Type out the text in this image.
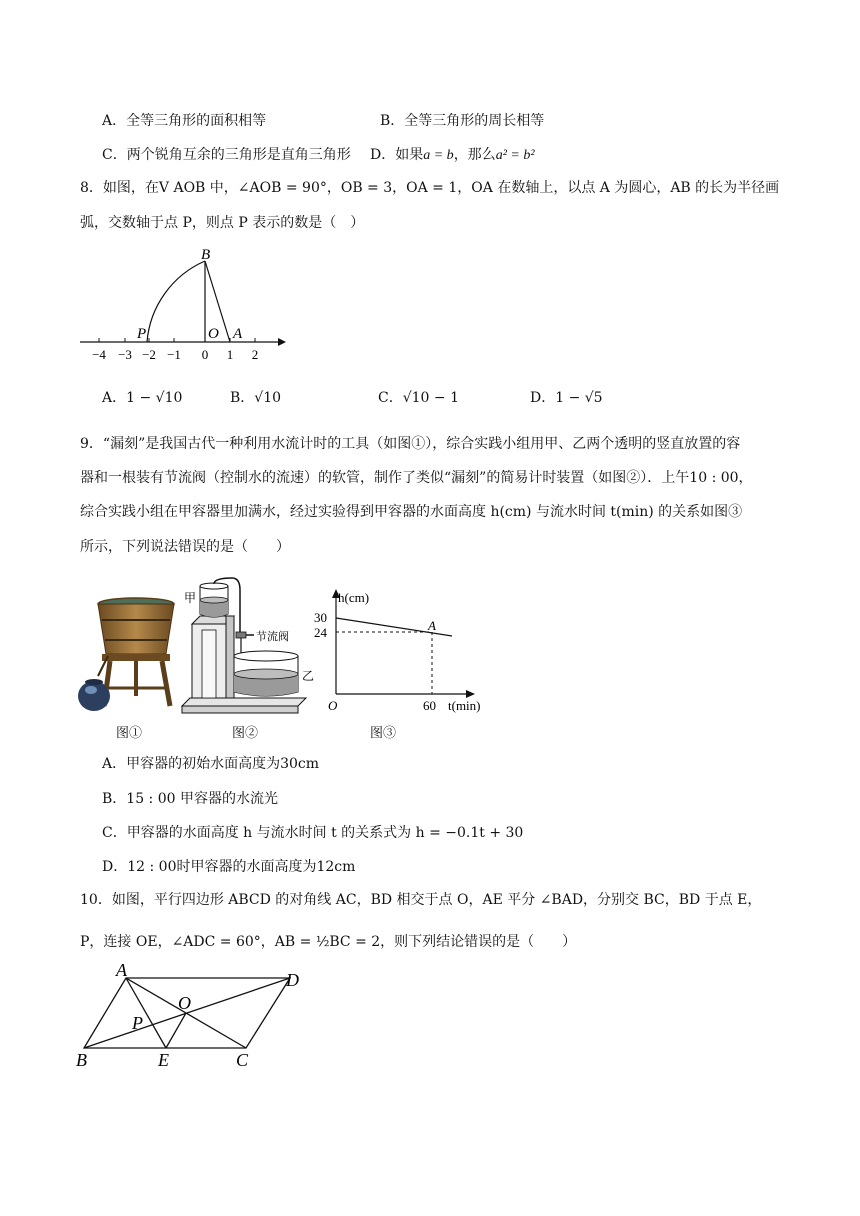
A．全等三角形的面积相等	B．全等三角形的周长相等
C．两个锐角互余的三角形是直角三角形 D．如果a = b，那么a² = b²
8．如图，在V AOB 中，∠AOB = 90°，OB = 3，OA = 1，OA 在数轴上，以点 A 为圆心，AB 的长为半径画
弧，交数轴于点 P，则点 P 表示的数是（　）
B
P	O A
−4 −3 −2 −1 0 1 2
A．1 − √10	B．√10	C．√10 − 1	D．1 − √5
9．“漏刻”是我国古代一种利用水流计时的工具（如图①），综合实践小组用甲、乙两个透明的竖直放置的容
器和一根装有节流阀（控制水的流速）的软管，制作了类似“漏刻”的简易计时装置（如图②）．上午10 : 00，
综合实践小组在甲容器里加满水，经过实验得到甲容器的水面高度 h(cm) 与流水时间 t(min) 的关系如图③
所示，下列说法错误的是（　　）
甲
节流阀
乙
h(cm)
30
24	A
O	60 t(min)
图①	图②	图③
A．甲容器的初始水面高度为30cm
B．15 : 00 甲容器的水流光
C．甲容器的水面高度 h 与流水时间 t 的关系式为 h = −0.1t + 30
D．12 : 00时甲容器的水面高度为12cm
10．如图，平行四边形 ABCD 的对角线 AC，BD 相交于点 O，AE 平分 ∠BAD，分别交 BC，BD 于点 E，
P，连接 OE，∠ADC = 60°，AB = ½BC = 2，则下列结论错误的是（　　）
A	D
O
P
B	E	C
